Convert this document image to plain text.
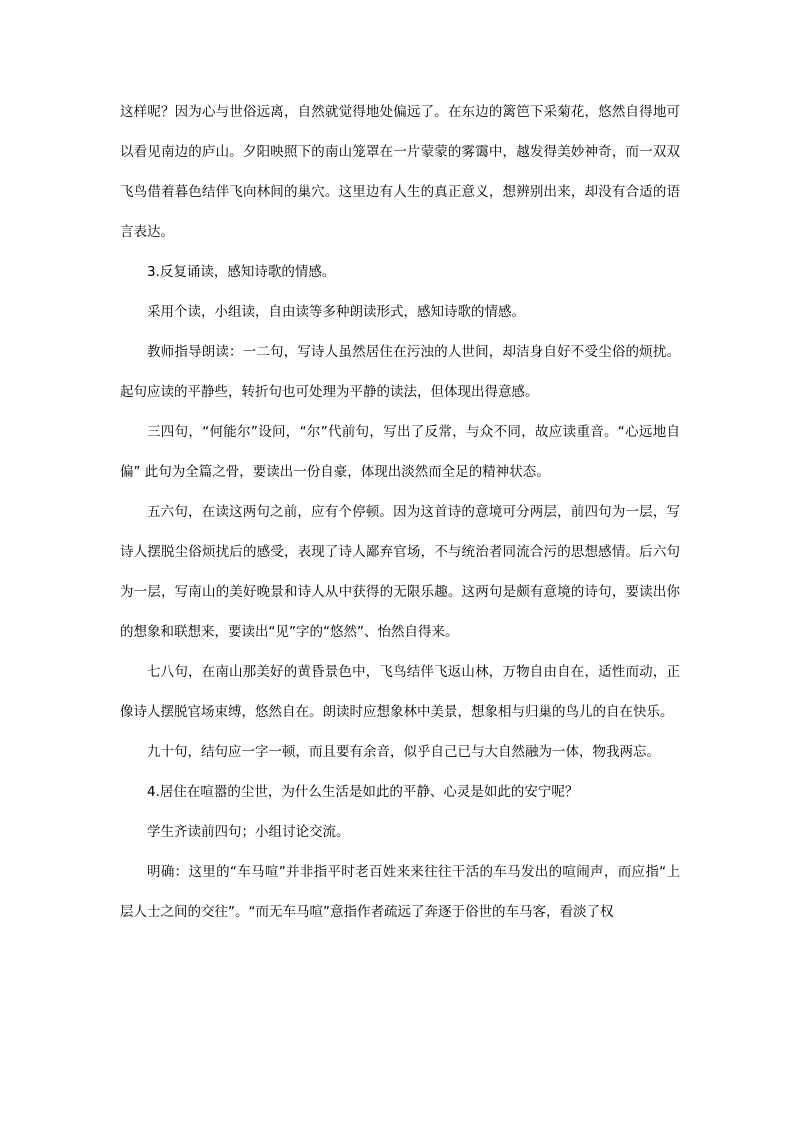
这样呢？因为心与世俗远离，自然就觉得地处偏远了。在东边的篱笆下采菊花，悠然自得地可以看见南边的庐山。夕阳映照下的南山笼罩在一片蒙蒙的雾霭中，越发得美妙神奇，而一双双飞鸟借着暮色结伴飞向林间的巢穴。这里边有人生的真正意义，想辨别出来，却没有合适的语言表达。

3.反复诵读，感知诗歌的情感。

采用个读，小组读，自由读等多种朗读形式，感知诗歌的情感。

教师指导朗读：一二句，写诗人虽然居住在污浊的人世间，却洁身自好不受尘俗的烦扰。起句应读的平静些，转折句也可处理为平静的读法，但体现出得意感。

三四句，“何能尔”设问，“尔”代前句，写出了反常，与众不同，故应读重音。“心远地自偏” 此句为全篇之骨，要读出一份自豪，体现出淡然而全足的精神状态。

五六句，在读这两句之前，应有个停顿。因为这首诗的意境可分两层，前四句为一层，写诗人摆脱尘俗烦扰后的感受，表现了诗人鄙弃官场，不与统治者同流合污的思想感情。后六句为一层，写南山的美好晚景和诗人从中获得的无限乐趣。这两句是颇有意境的诗句，要读出你的想象和联想来，要读出“见”字的“悠然”、怡然自得来。

七八句，在南山那美好的黄昏景色中，飞鸟结伴飞返山林，万物自由自在，适性而动，正像诗人摆脱官场束缚，悠然自在。朗读时应想象林中美景，想象相与归巢的鸟儿的自在快乐。

九十句，结句应一字一顿，而且要有余音，似乎自己已与大自然融为一体，物我两忘。

4.居住在喧嚣的尘世，为什么生活是如此的平静、心灵是如此的安宁呢？

学生齐读前四句；小组讨论交流。

明确：这里的“车马喧”并非指平时老百姓来来往往干活的车马发出的喧闹声，而应指“上层人士之间的交往”。“而无车马喧”意指作者疏远了奔逐于俗世的车马客，看淡了权
